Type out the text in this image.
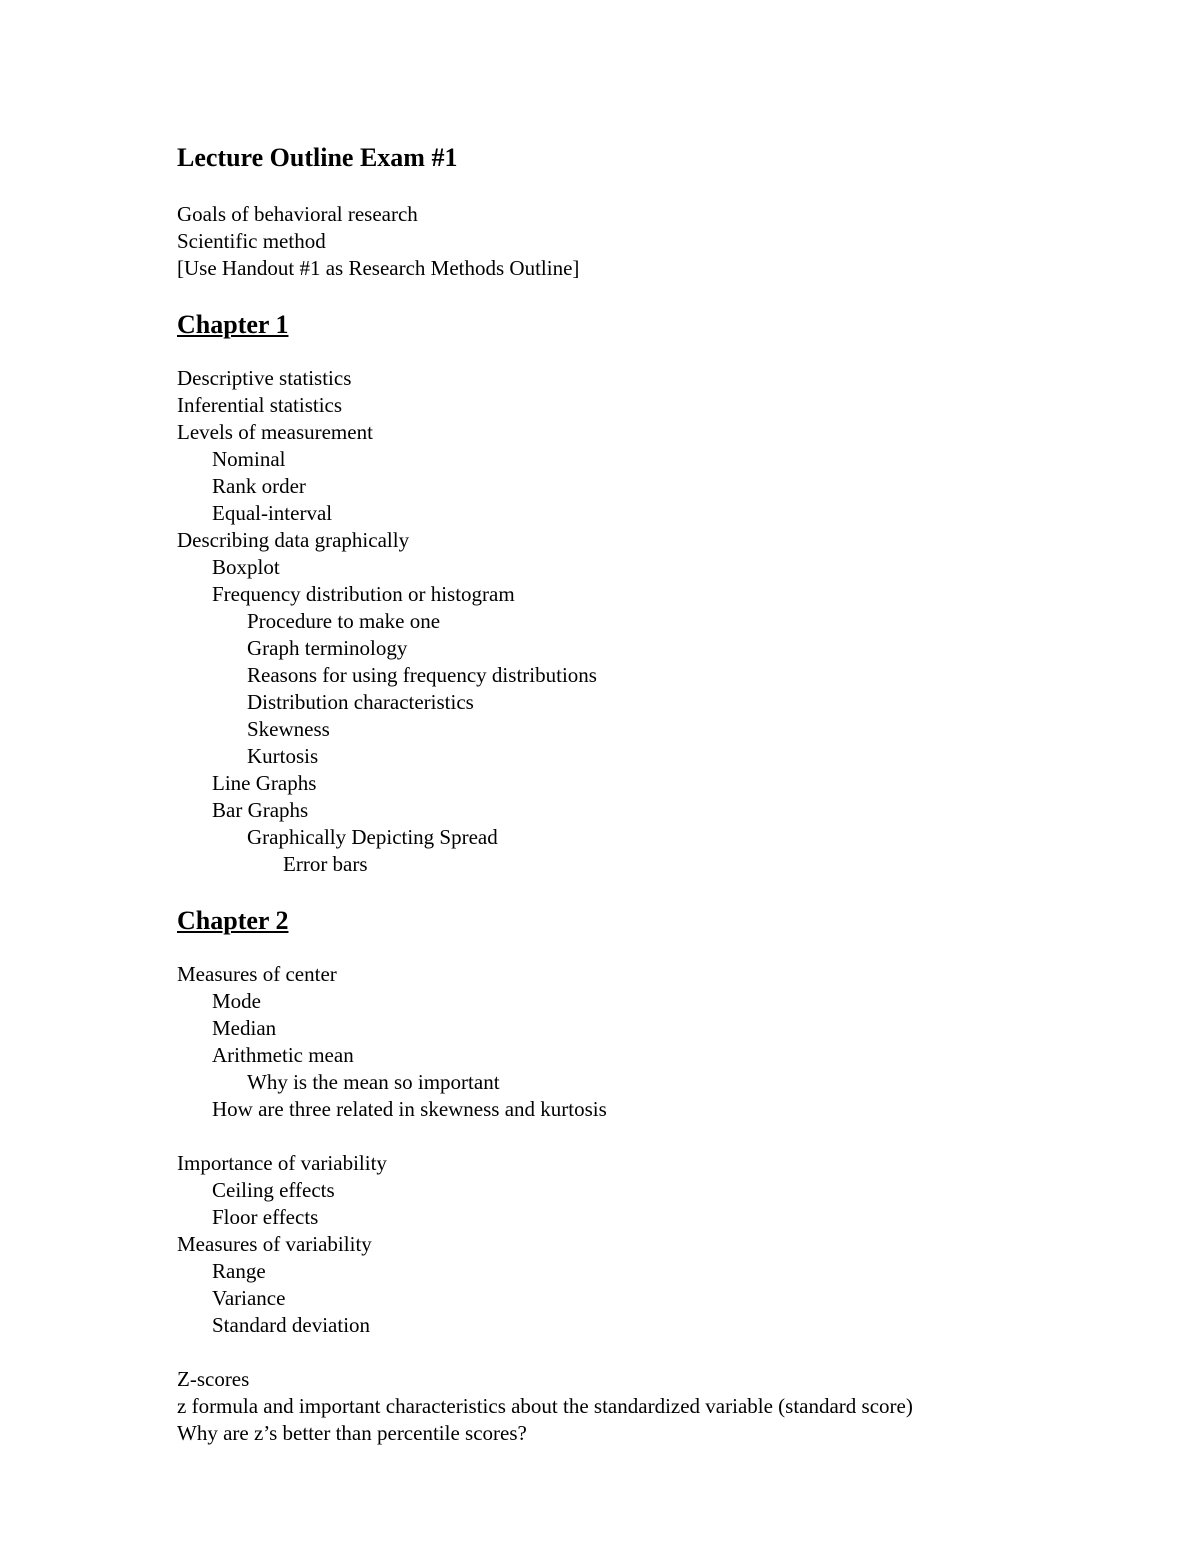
Lecture Outline Exam #1
Goals of behavioral research
Scientific method
[Use Handout #1 as Research Methods Outline]
Chapter 1
Descriptive statistics
Inferential statistics
Levels of measurement
Nominal
Rank order
Equal-interval
Describing data graphically
Boxplot
Frequency distribution or histogram
Procedure to make one
Graph terminology
Reasons for using frequency distributions
Distribution characteristics
Skewness
Kurtosis
Line Graphs
Bar Graphs
Graphically Depicting Spread
Error bars
Chapter 2
Measures of center
Mode
Median
Arithmetic mean
Why is the mean so important
How are three related in skewness and kurtosis
Importance of variability
Ceiling effects
Floor effects
Measures of variability
Range
Variance
Standard deviation
Z-scores
z formula and important characteristics about the standardized variable (standard score)
Why are z’s better than percentile scores?
